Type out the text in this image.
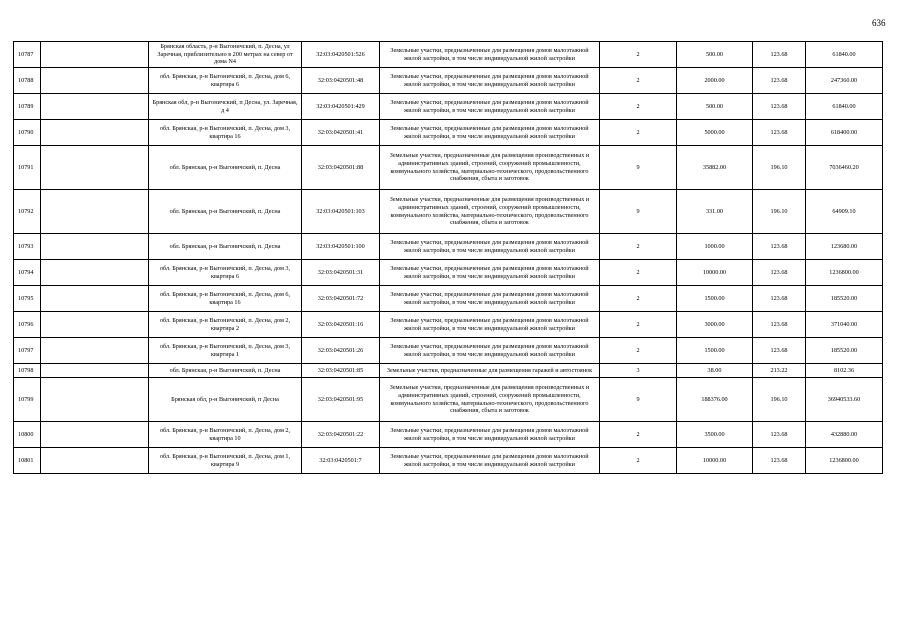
636
10787		Брянская область, р-н Выгоничский, п. Десна, ул Заречная, приблизительно в 200 метрах на север от дома N4	32:03:0420501:526	Земельные участки, предназначенные для размещения домов малоэтажной жилой застройки, в том числе индивидуальной жилой застройки	2	500.00	123.68	61840.00
10788		обл. Брянская, р-н Выгоничский, п. Десна, дом 6, квартира 6	32:03:0420501:48	Земельные участки, предназначенные для размещения домов малоэтажной жилой застройки, в том числе индивидуальной жилой застройки	2	2000.00	123.68	247360.00
10789		Брянская обл, р-н Выгоничский, п Десна, ул. Заречная, д 4	32:03:0420501:429	Земельные участки, предназначенные для размещения домов малоэтажной жилой застройки, в том числе индивидуальной жилой застройки	2	500.00	123.68	61840.00
10790		обл. Брянская, р-н Выгоничский, п. Десна, дом 3, квартира 16	32:03:0420501:41	Земельные участки, предназначенные для размещения домов малоэтажной жилой застройки, в том числе индивидуальной жилой застройки	2	5000.00	123.68	618400.00
10791		обл. Брянская, р-н Выгоничский, п. Десна	32:03:0420501:88	Земельные участки, предназначенные для размещения производственных и административных зданий, строений, сооружений промышленности, коммунального хозяйства, материально-технического, продовольственного снабжения, сбыта и заготовок	9	35882.00	196.10	7036460.20
10792		обл. Брянская, р-н Выгоничский, п. Десна	32:03:0420501:103	Земельные участки, предназначенные для размещения производственных и административных зданий, строений, сооружений промышленности, коммунального хозяйства, материально-технического, продовольственного снабжения, сбыта и заготовок	9	331.00	196.10	64909.10
10793		обл. Брянская, р-н Выгоничский, п. Десна	32:03:0420501:100	Земельные участки, предназначенные для размещения домов малоэтажной жилой застройки, в том числе индивидуальной жилой застройки	2	1000.00	123.68	123680.00
10794		обл. Брянская, р-н Выгоничский, п. Десна, дом 3, квартира 6	32:03:0420501:31	Земельные участки, предназначенные для размещения домов малоэтажной жилой застройки, в том числе индивидуальной жилой застройки	2	10000.00	123.68	1236800.00
10795		обл. Брянская, р-н Выгоничский, п. Десна, дом 6, квартира 16	32:03:0420501:72	Земельные участки, предназначенные для размещения домов малоэтажной жилой застройки, в том числе индивидуальной жилой застройки	2	1500.00	123.68	185520.00
10796		обл. Брянская, р-н Выгоничский, п. Десна, дом 2, квартира 2	32:03:0420501:16	Земельные участки, предназначенные для размещения домов малоэтажной жилой застройки, в том числе индивидуальной жилой застройки	2	3000.00	123.68	371040.00
10797		обл. Брянская, р-н Выгоничский, п. Десна, дом 3, квартира 1	32:03:0420501:26	Земельные участки, предназначенные для размещения домов малоэтажной жилой застройки, в том числе индивидуальной жилой застройки	2	1500.00	123.68	185520.00
10798		обл. Брянская, р-н Выгоничский, п. Десна	32:03:0420501:85	Земельные участки, предназначенные для размещения гаражей и автостоянок	3	38.00	213.22	8102.36
10799		Брянская обл, р-н Выгоничский, п Десна	32:03:0420501:95	Земельные участки, предназначенные для размещения производственных и административных зданий, строений, сооружений промышленности, коммунального хозяйства, материально-технического, продовольственного снабжения, сбыта и заготовок	9	188376.00	196.10	36940533.60
10800		обл. Брянская, р-н Выгоничский, п. Десна, дом 2, квартира 10	32:03:0420501:22	Земельные участки, предназначенные для размещения домов малоэтажной жилой застройки, в том числе индивидуальной жилой застройки	2	3500.00	123.68	432880.00
10801		обл. Брянская, р-н Выгоничский, п. Десна, дом 1, квартира 9	32:03:0420501:7	Земельные участки, предназначенные для размещения домов малоэтажной жилой застройки, в том числе индивидуальной жилой застройки	2	10000.00	123.68	1236800.00
